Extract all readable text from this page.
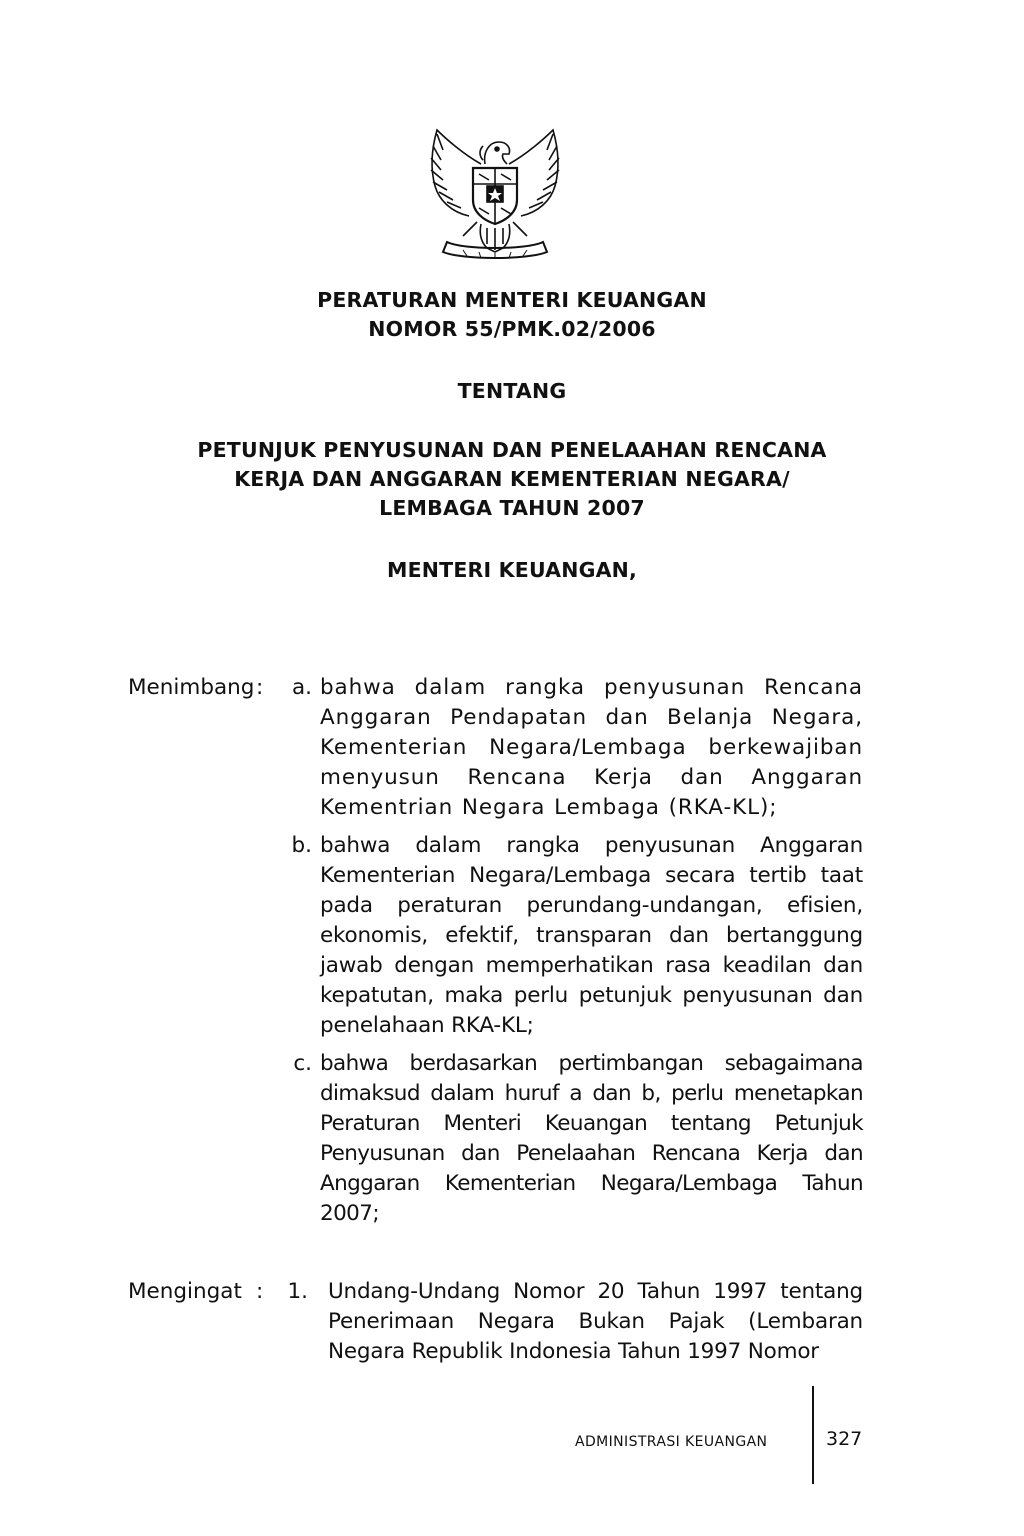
PERATURAN MENTERI KEUANGAN
NOMOR 55/PMK.02/2006
TENTANG
PETUNJUK PENYUSUNAN DAN PENELAAHAN RENCANA
KERJA DAN ANGGARAN KEMENTERIAN NEGARA/
LEMBAGA TAHUN 2007
MENTERI KEUANGAN,
Menimbang :	a. bahwa dalam rangka penyusunan Rencana Anggaran Pendapatan dan Belanja Negara, Kementerian Negara/Lembaga berkewajiban menyusun Rencana Kerja dan Anggaran Kementrian Negara Lembaga (RKA-KL);
b. bahwa dalam rangka penyusunan Anggaran Kementerian Negara/Lembaga secara tertib taat pada peraturan perundang-undangan, efisien, ekonomis, efektif, transparan dan bertanggung jawab dengan memperhatikan rasa keadilan dan kepatutan, maka perlu petunjuk penyusunan dan penelahaan RKA-KL;
c. bahwa berdasarkan pertimbangan sebagaimana dimaksud dalam huruf a dan b, perlu menetapkan Peraturan Menteri Keuangan tentang Petunjuk Penyusunan dan Penelaahan Rencana Kerja dan Anggaran Kementerian Negara/Lembaga Tahun 2007;
Mengingat :	1. Undang-Undang Nomor 20 Tahun 1997 tentang Penerimaan Negara Bukan Pajak (Lembaran Negara Republik Indonesia Tahun 1997 Nomor
ADMINISTRASI KEUANGAN	327
